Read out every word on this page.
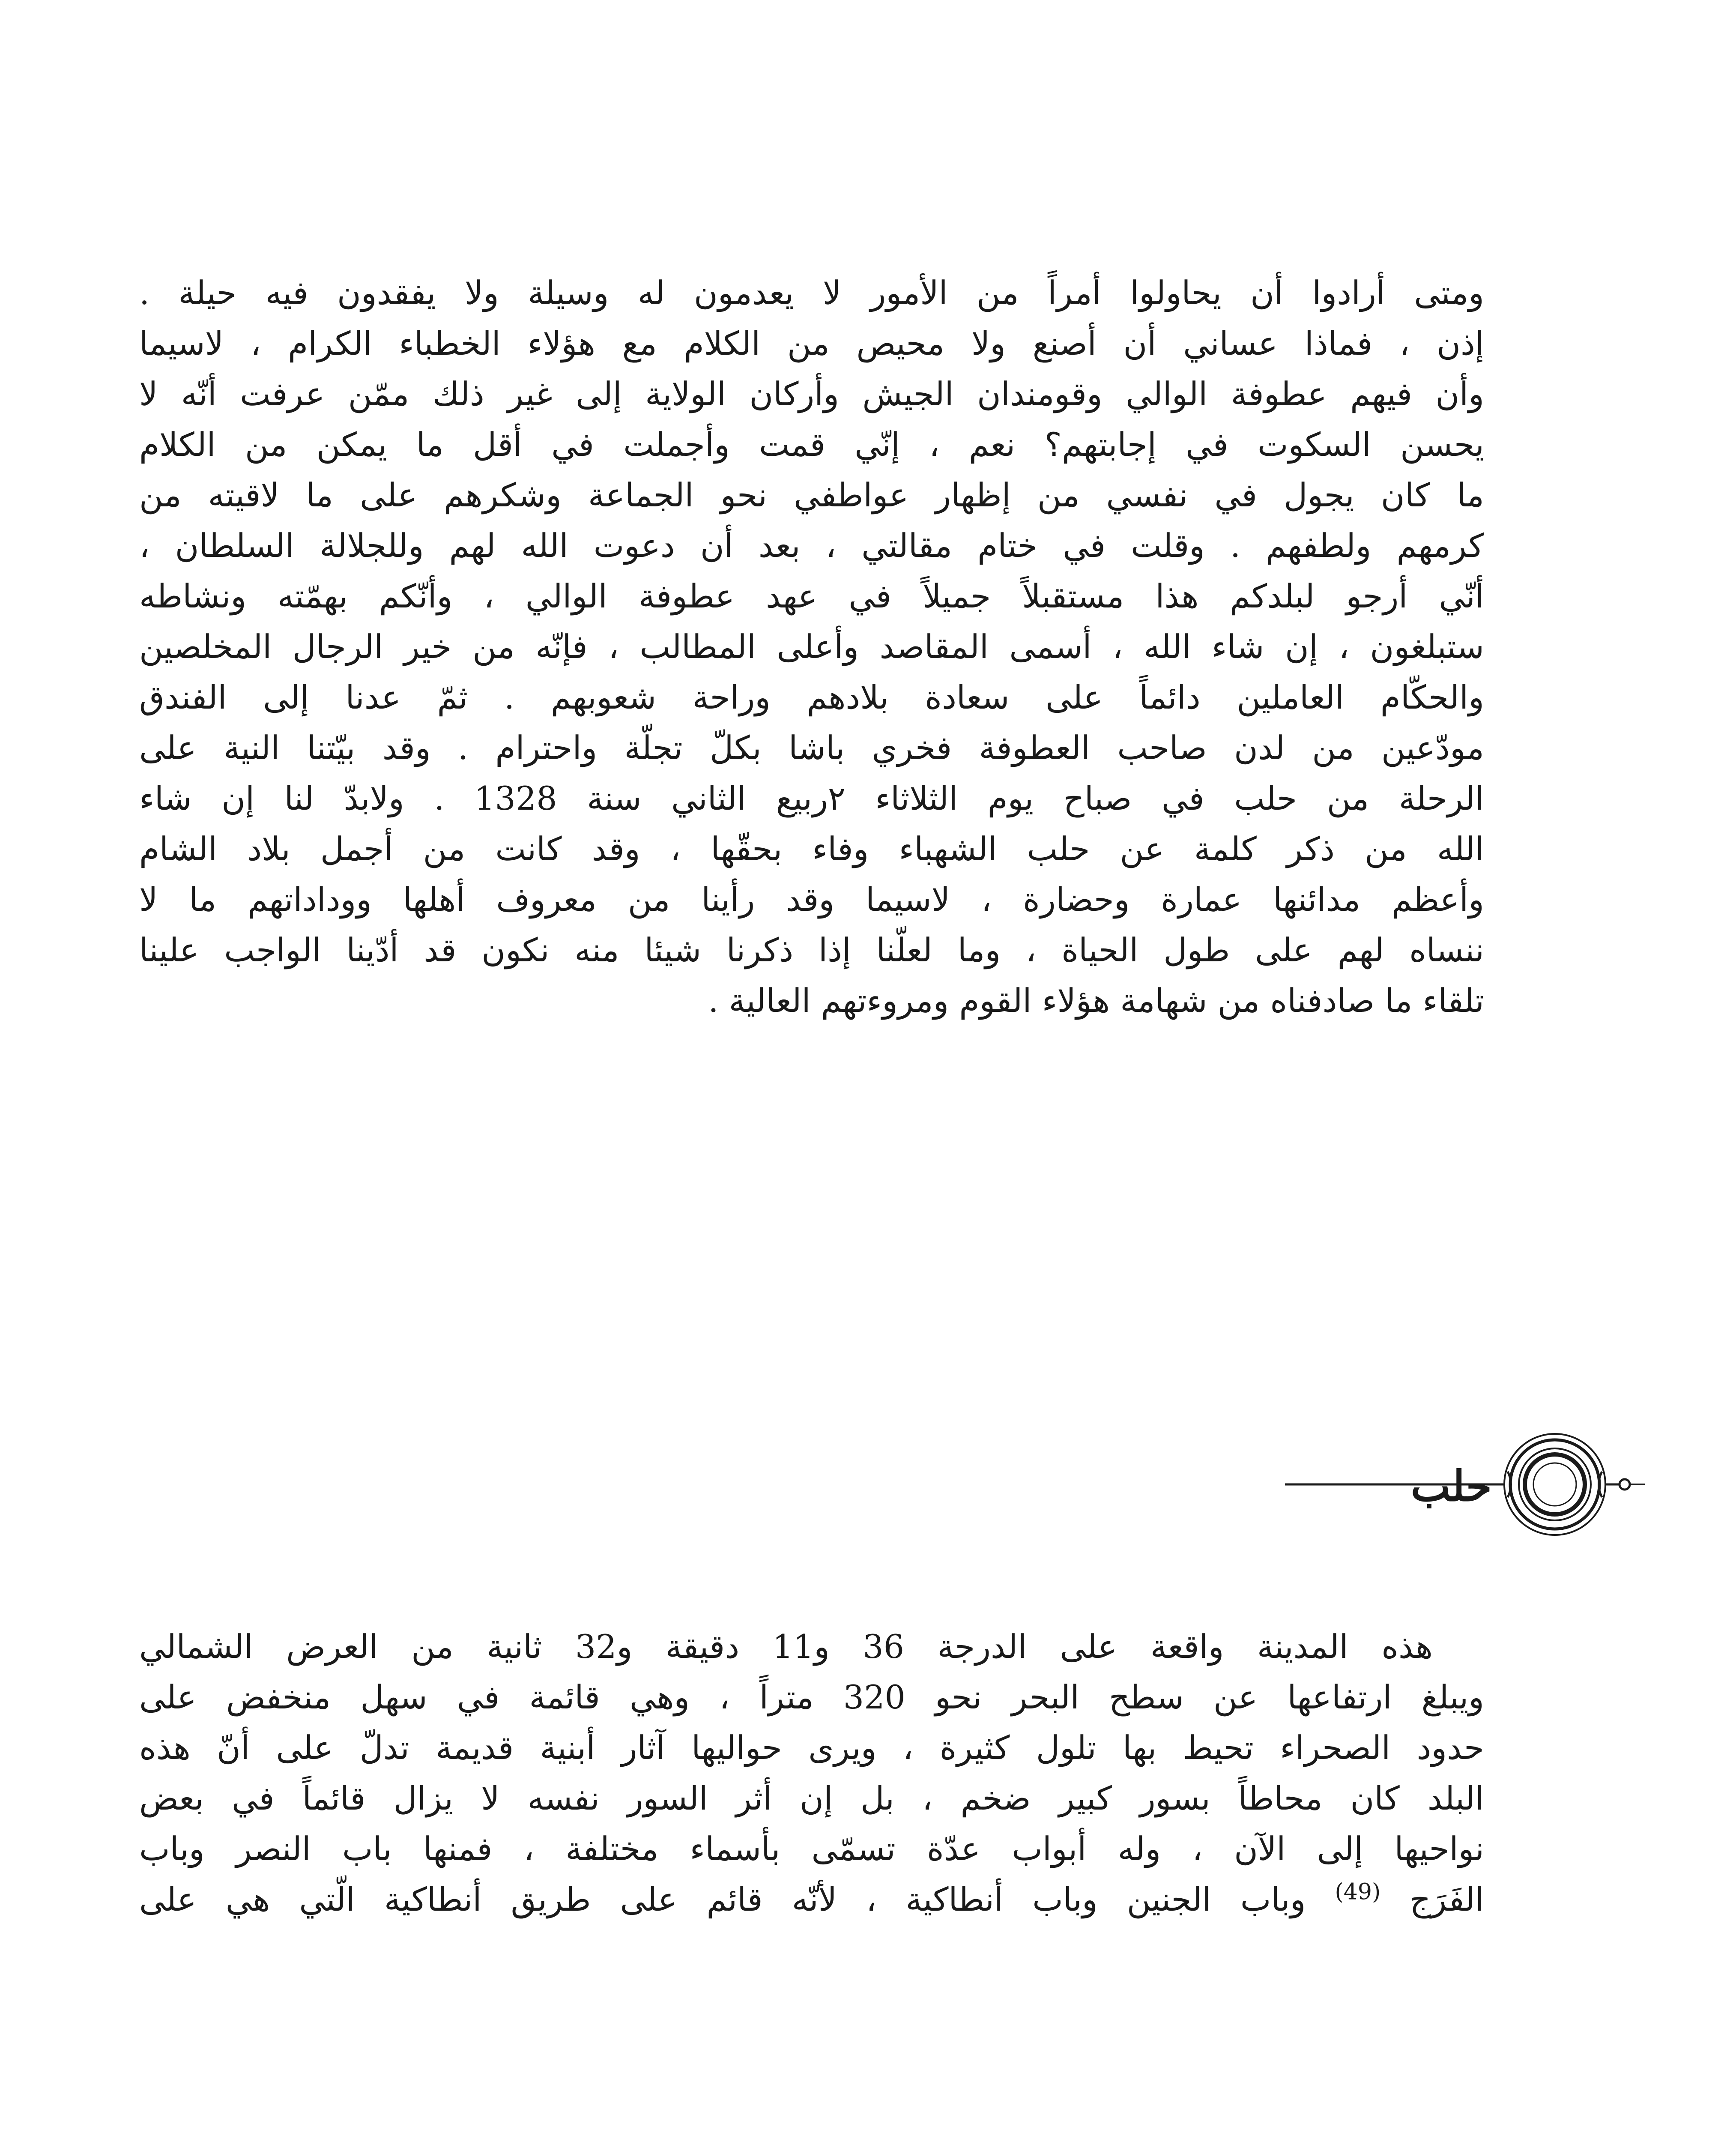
ومتى أرادوا أن يحاولوا أمراً من الأمور لا يعدمون له وسيلة ولا يفقدون فيه حيلة .
إذن ، فماذا عساني أن أصنع ولا محيص من الكلام مع هؤلاء الخطباء الكرام ، لاسيما
وأن فيهم عطوفة الوالي وقومندان الجيش وأركان الولاية إلى غير ذلك ممّن عرفت أنّه لا
يحسن السكوت في إجابتهم؟ نعم ، إنّي قمت وأجملت في أقل ما يمكن من الكلام
ما كان يجول في نفسي من إظهار عواطفي نحو الجماعة وشكرهم على ما لاقيته من
كرمهم ولطفهم . وقلت في ختام مقالتي ، بعد أن دعوت الله لهم وللجلالة السلطان ،
أنّي أرجو لبلدكم هذا مستقبلاً جميلاً في عهد عطوفة الوالي ، وأنّكم بهمّته ونشاطه
ستبلغون ، إن شاء الله ، أسمى المقاصد وأعلى المطالب ، فإنّه من خير الرجال المخلصين
والحكّام العاملين دائماً على سعادة بلادهم وراحة شعوبهم . ثمّ عدنا إلى الفندق
مودّعين من لدن صاحب العطوفة فخري باشا بكلّ تجلّة واحترام . وقد بيّتنا النية على
الرحلة من حلب في صباح يوم الثلاثاء ٢ربيع الثاني سنة 1328 . ولابدّ لنا إن شاء
الله من ذكر كلمة عن حلب الشهباء وفاء بحقّها ، وقد كانت من أجمل بلاد الشام
وأعظم مدائنها عمارة وحضارة ، لاسيما وقد رأينا من معروف أهلها ووداداتهم ما لا
ننساه لهم على طول الحياة ، وما لعلّنا إذا ذكرنا شيئا منه نكون قد أدّينا الواجب علينا
تلقاء ما صادفناه من شهامة هؤلاء القوم ومروءتهم العالية .
حلب
هذه المدينة واقعة على الدرجة 36 و11 دقيقة و32 ثانية من العرض الشمالي
ويبلغ ارتفاعها عن سطح البحر نحو 320 متراً ، وهي قائمة في سهل منخفض على
حدود الصحراء تحيط بها تلول كثيرة ، ويرى حواليها آثار أبنية قديمة تدلّ على أنّ هذه
البلد كان محاطاً بسور كبير ضخم ، بل إن أثر السور نفسه لا يزال قائماً في بعض
نواحيها إلى الآن ، وله أبواب عدّة تسمّى بأسماء مختلفة ، فمنها باب النصر وباب
الفَرَج $^{(49)}$ وباب الجنين وباب أنطاكية ، لأنّه قائم على طريق أنطاكية الّتي هي على
